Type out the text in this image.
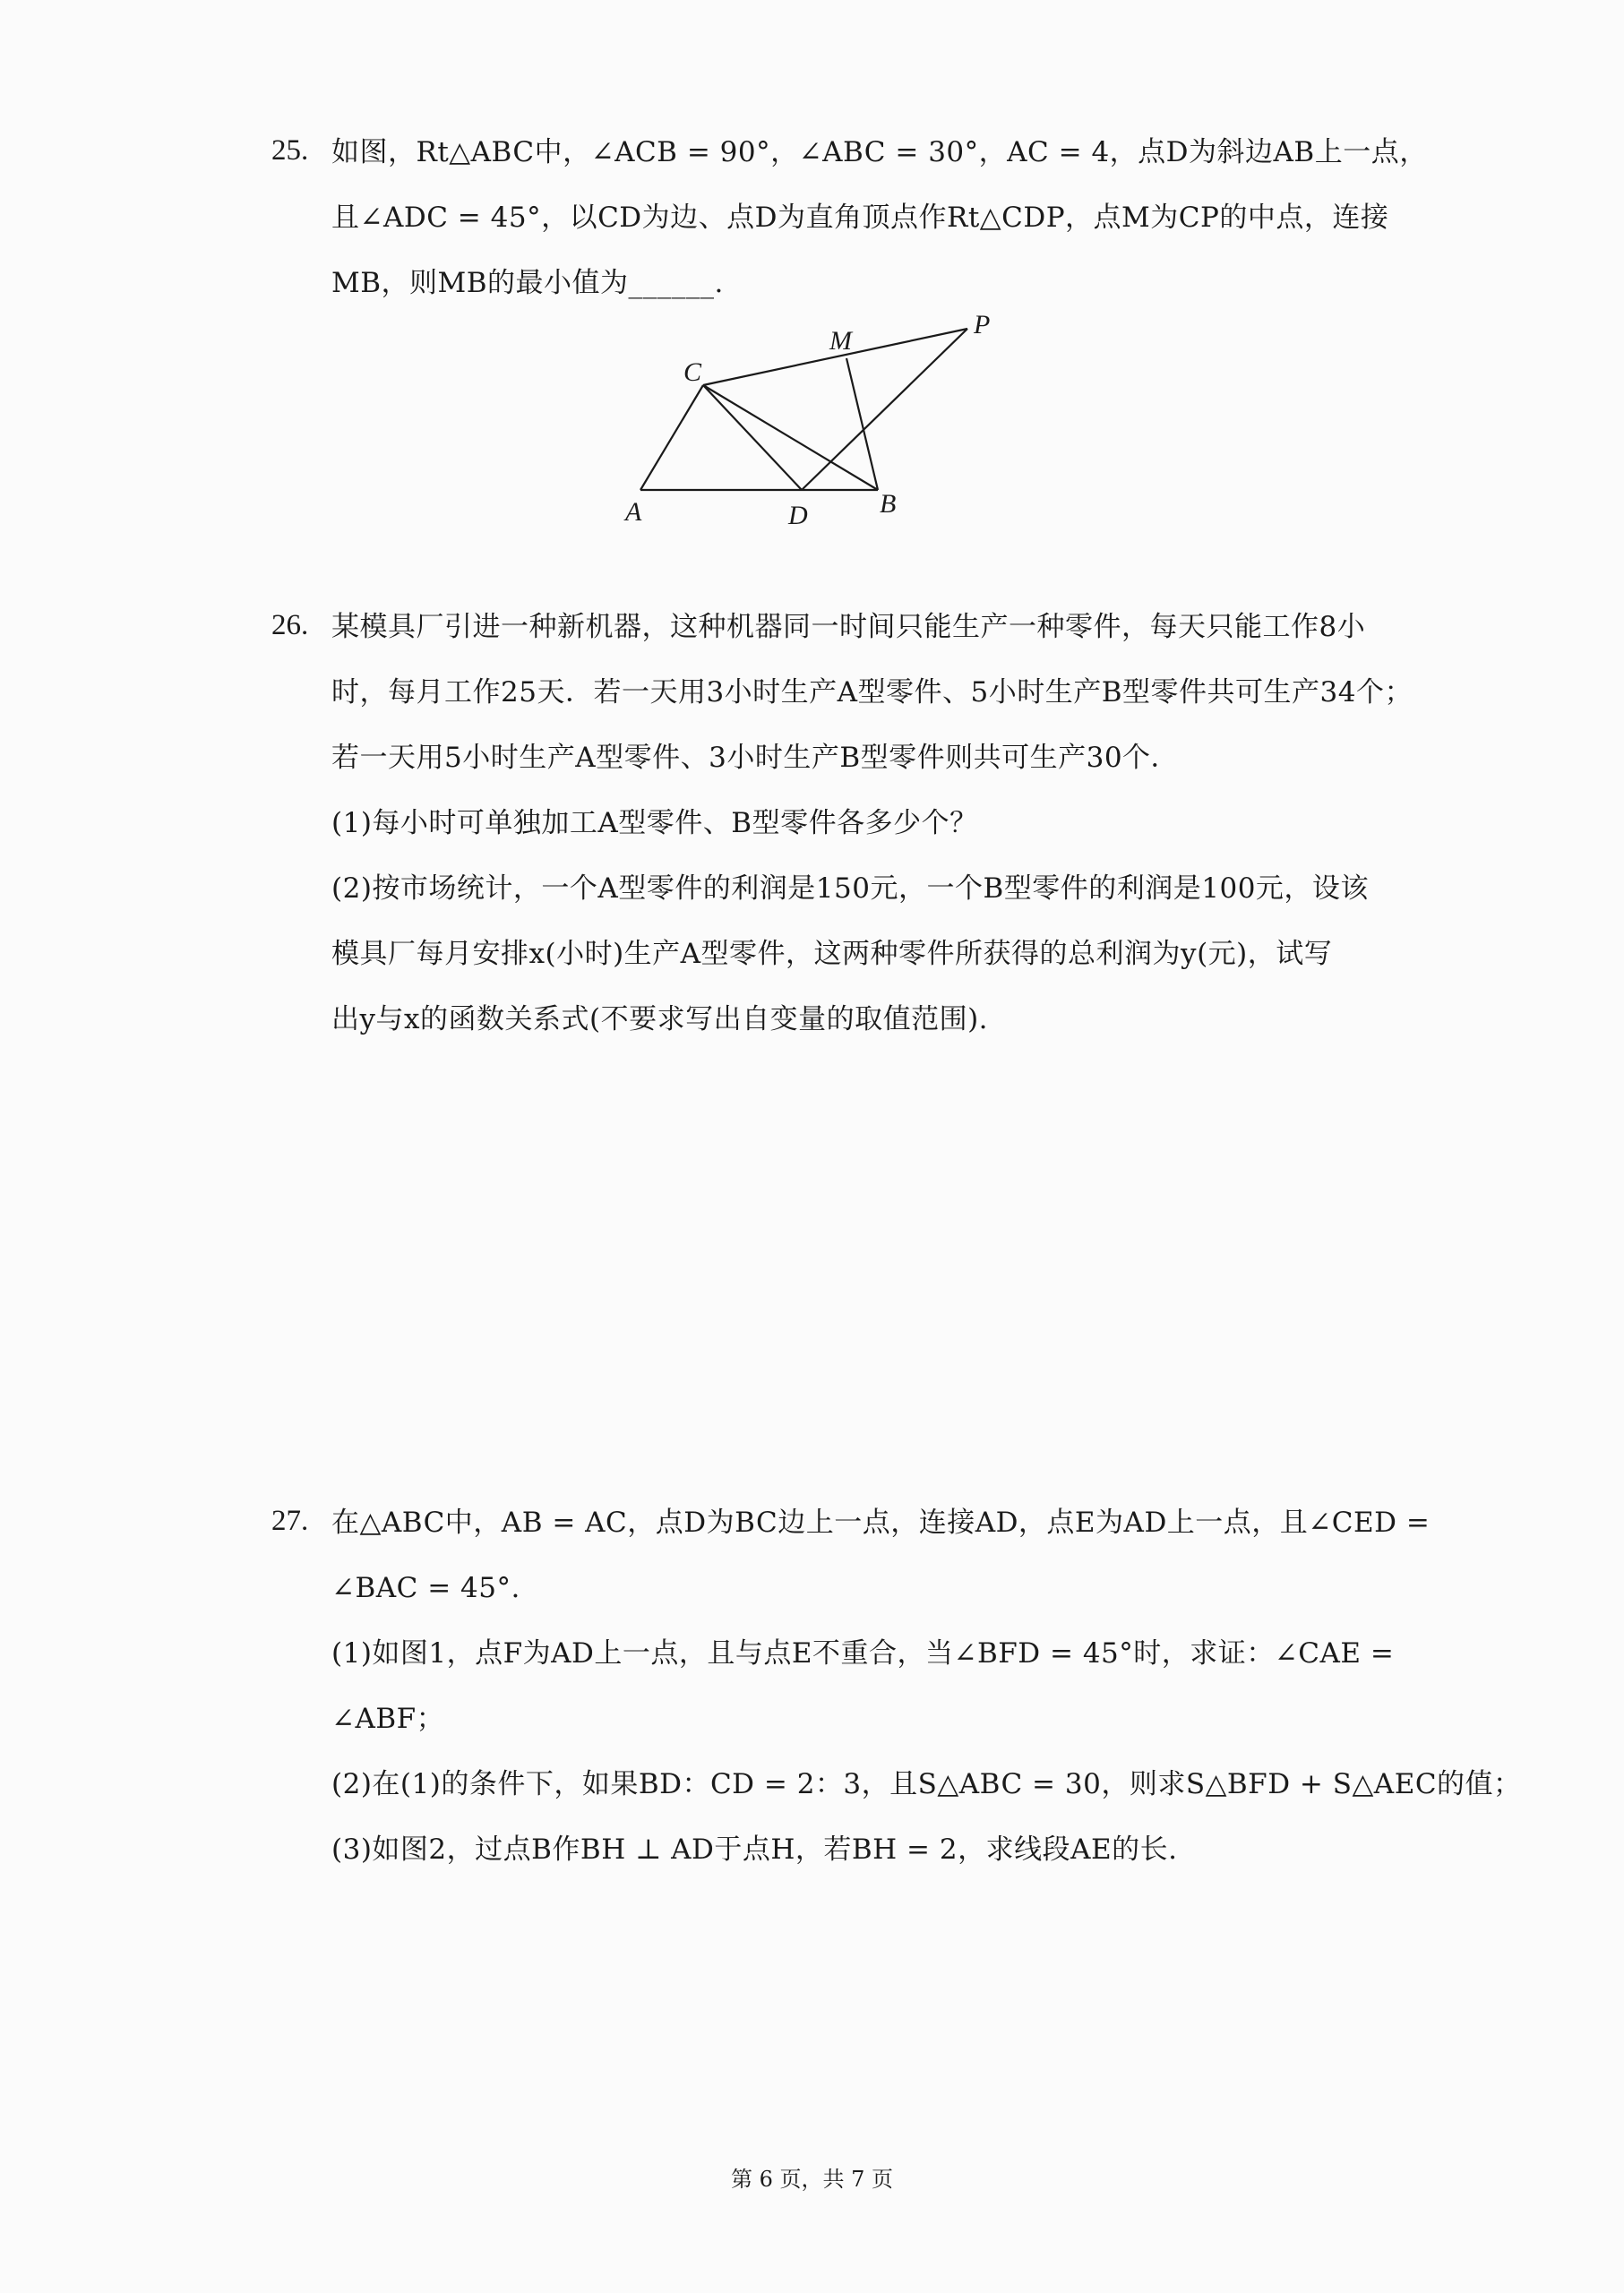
25. 如图，Rt△ABC中，∠ACB = 90°，∠ABC = 30°，AC = 4，点D为斜边AB上一点，
且∠ADC = 45°，以CD为边、点D为直角顶点作Rt△CDP，点M为CP的中点，连接
MB，则MB的最小值为______.
A	D	B
C
M
P
26. 某模具厂引进一种新机器，这种机器同一时间只能生产一种零件，每天只能工作8小
时，每月工作25天．若一天用3小时生产A型零件、5小时生产B型零件共可生产34个；
若一天用5小时生产A型零件、3小时生产B型零件则共可生产30个．
(1)每小时可单独加工A型零件、B型零件各多少个？
(2)按市场统计，一个A型零件的利润是150元，一个B型零件的利润是100元，设该
模具厂每月安排x(小时)生产A型零件，这两种零件所获得的总利润为y(元)，试写
出y与x的函数关系式(不要求写出自变量的取值范围).
27. 在△ABC中，AB = AC，点D为BC边上一点，连接AD，点E为AD上一点，且∠CED =
∠BAC = 45°.
(1)如图1，点F为AD上一点，且与点E不重合，当∠BFD = 45°时，求证：∠CAE =
∠ABF；
(2)在(1)的条件下，如果BD：CD = 2：3，且S△ABC = 30，则求S△BFD + S△AEC的值；
(3)如图2，过点B作BH ⊥ AD于点H，若BH = 2，求线段AE的长.
第 6 页，共 7 页
